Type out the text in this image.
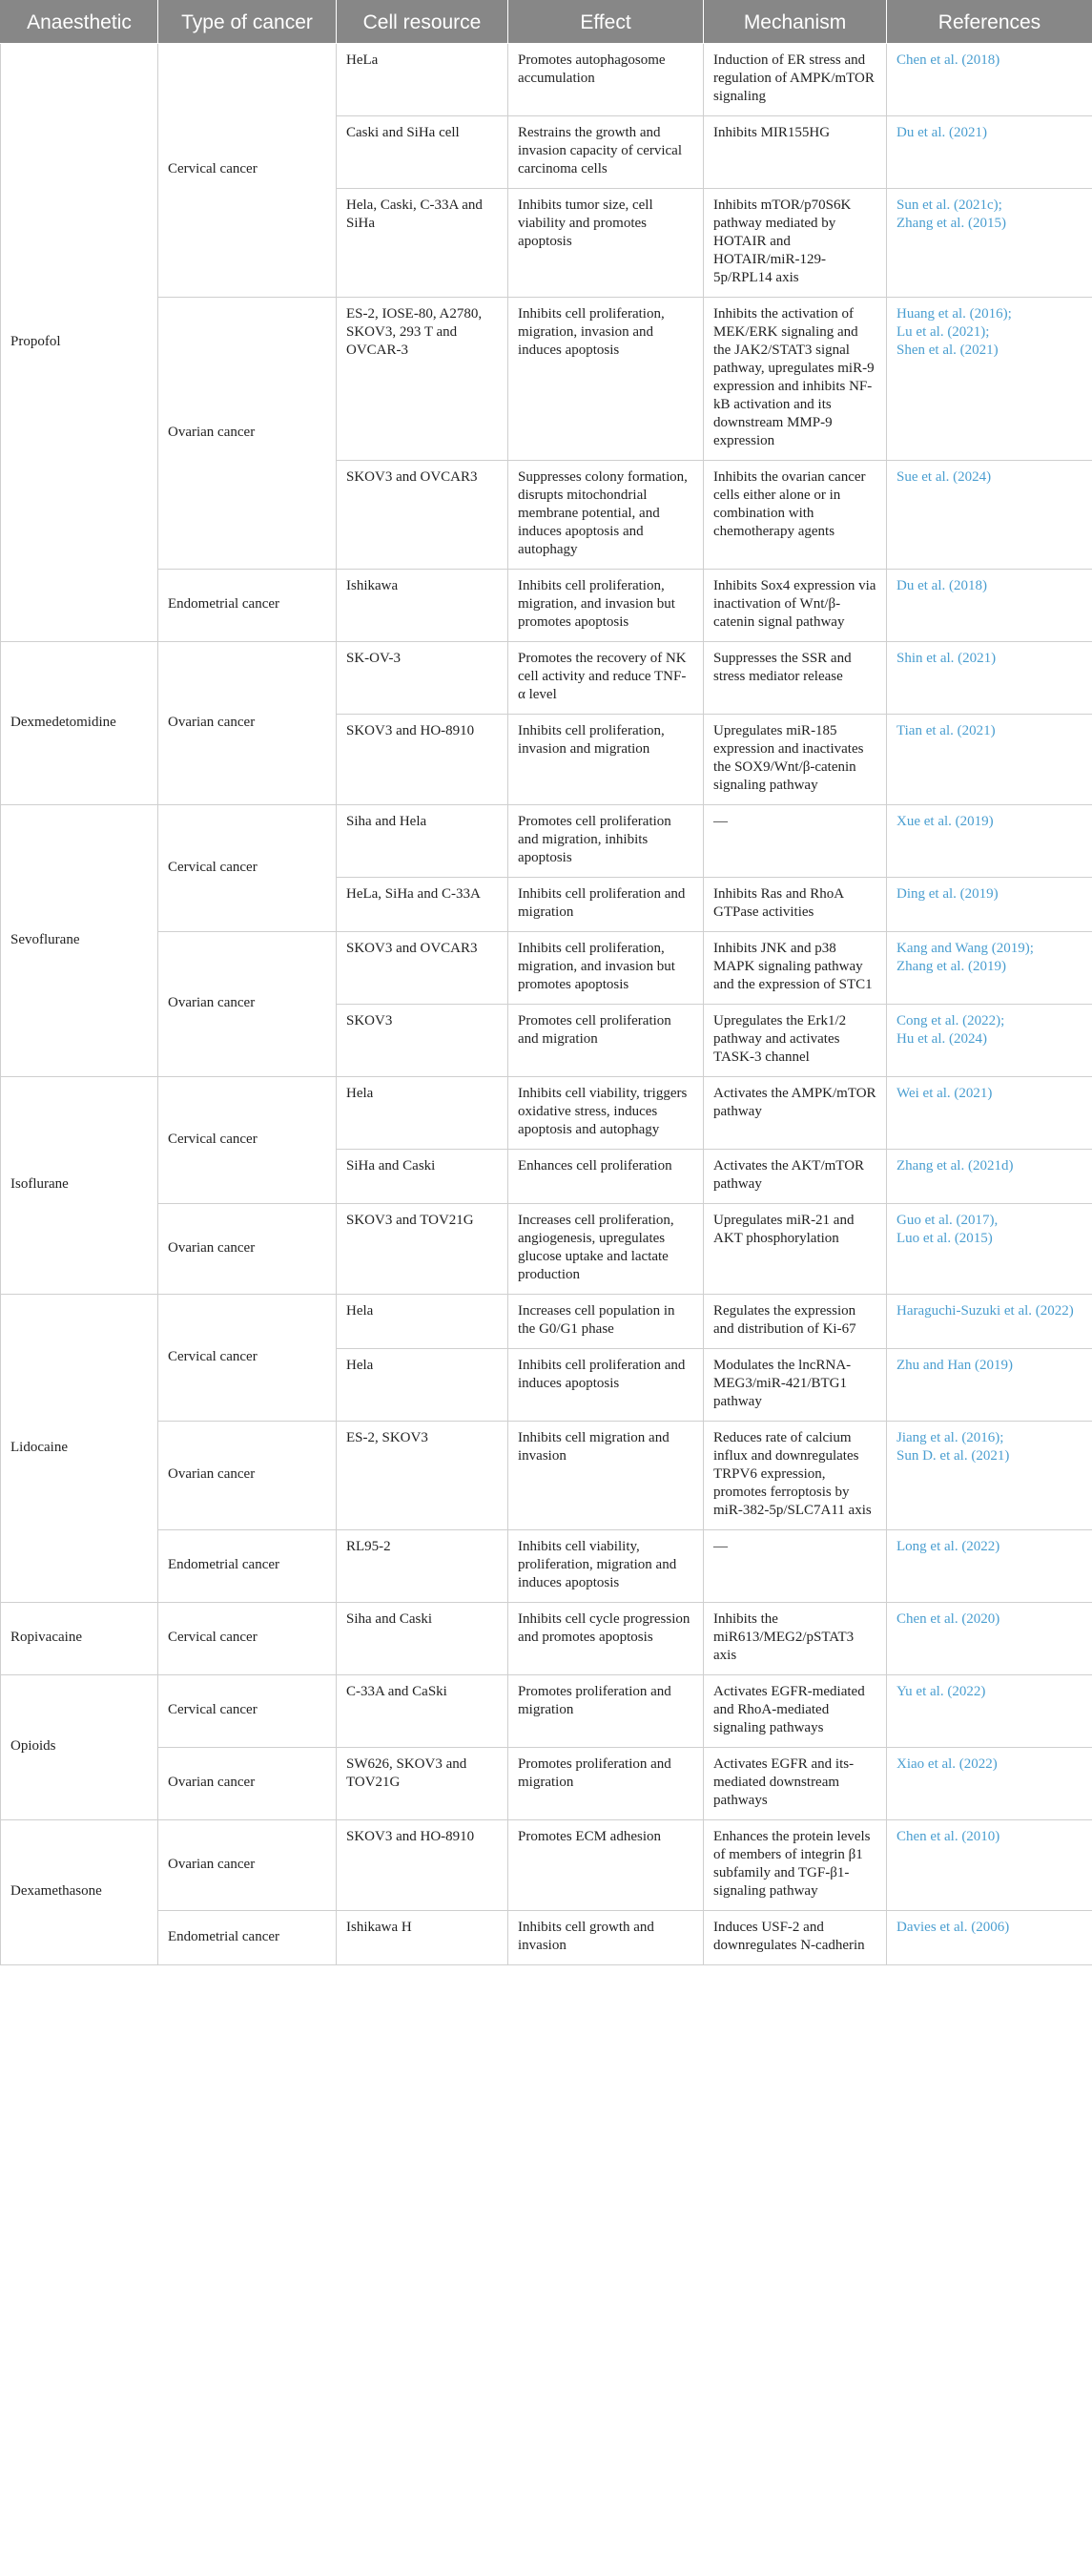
Anaesthetic	Type of cancer	Cell resource	Effect	Mechanism	References
Propofol	Cervical cancer	HeLa	Promotes autophagosome accumulation	Induction of ER stress and regulation of AMPK/mTOR signaling	Chen et al. (2018)

		Caski and SiHa cell	Restrains the growth and invasion capacity of cervical carcinoma cells	Inhibits MIR155HG	Du et al. (2021)

		Hela, Caski, C-33A and SiHa	Inhibits tumor size, cell viability and promotes apoptosis	Inhibits mTOR/p70S6K pathway mediated by HOTAIR and HOTAIR/miR-129-5p/RPL14 axis	Sun et al. (2021c);
Zhang et al. (2015)

	Ovarian cancer	ES-2, IOSE-80, A2780, SKOV3, 293 T and OVCAR-3	Inhibits cell proliferation, migration, invasion and induces apoptosis	Inhibits the activation of MEK/ERK signaling and the JAK2/STAT3 signal pathway, upregulates miR-9 expression and inhibits NF-kB activation and its downstream MMP-9 expression	Huang et al. (2016);
Lu et al. (2021);
Shen et al. (2021)

		SKOV3 and OVCAR3	Suppresses colony formation, disrupts mitochondrial membrane potential, and induces apoptosis and autophagy	Inhibits the ovarian cancer cells either alone or in combination with chemotherapy agents	Sue et al. (2024)

	Endometrial cancer	Ishikawa	Inhibits cell proliferation, migration, and invasion but promotes apoptosis	Inhibits Sox4 expression via inactivation of Wnt/β-catenin signal pathway	Du et al. (2018)

Dexmedetomidine	Ovarian cancer	SK-OV-3	Promotes the recovery of NK cell activity and reduce TNF-α level	Suppresses the SSR and stress mediator release	Shin et al. (2021)

		SKOV3 and HO-8910	Inhibits cell proliferation, invasion and migration	Upregulates miR-185 expression and inactivates the SOX9/Wnt/β-catenin signaling pathway	Tian et al. (2021)

Sevoflurane	Cervical cancer	Siha and Hela	Promotes cell proliferation and migration, inhibits apoptosis	—	Xue et al. (2019)

		HeLa, SiHa and C-33A	Inhibits cell proliferation and migration	Inhibits Ras and RhoA GTPase activities	Ding et al. (2019)

	Ovarian cancer	SKOV3 and OVCAR3	Inhibits cell proliferation, migration, and invasion but promotes apoptosis	Inhibits JNK and p38 MAPK signaling pathway and the expression of STC1	Kang and Wang (2019);
Zhang et al. (2019)

		SKOV3	Promotes cell proliferation and migration	Upregulates the Erk1/2 pathway and activates TASK-3 channel	Cong et al. (2022);
Hu et al. (2024)

Isoflurane	Cervical cancer	Hela	Inhibits cell viability, triggers oxidative stress, induces apoptosis and autophagy	Activates the AMPK/mTOR pathway	Wei et al. (2021)

		SiHa and Caski	Enhances cell proliferation	Activates the AKT/mTOR pathway	Zhang et al. (2021d)

	Ovarian cancer	SKOV3 and TOV21G	Increases cell proliferation, angiogenesis, upregulates glucose uptake and lactate production	Upregulates miR-21 and AKT phosphorylation	Guo et al. (2017),
Luo et al. (2015)

Lidocaine	Cervical cancer	Hela	Increases cell population in the G0/G1 phase	Regulates the expression and distribution of Ki-67	Haraguchi-Suzuki et al. (2022)

		Hela	Inhibits cell proliferation and induces apoptosis	Modulates the lncRNA-MEG3/miR-421/BTG1 pathway	Zhu and Han (2019)

	Ovarian cancer	ES-2, SKOV3	Inhibits cell migration and invasion	Reduces rate of calcium influx and downregulates TRPV6 expression, promotes ferroptosis by miR-382-5p/SLC7A11 axis	Jiang et al. (2016);
Sun D. et al. (2021)

	Endometrial cancer	RL95-2	Inhibits cell viability, proliferation, migration and induces apoptosis	—	Long et al. (2022)

Ropivacaine	Cervical cancer	Siha and Caski	Inhibits cell cycle progression and promotes apoptosis	Inhibits the miR613/MEG2/pSTAT3 axis	Chen et al. (2020)

Opioids	Cervical cancer	C-33A and CaSki	Promotes proliferation and migration	Activates EGFR-mediated and RhoA-mediated signaling pathways	Yu et al. (2022)

	Ovarian cancer	SW626, SKOV3 and TOV21G	Promotes proliferation and migration	Activates EGFR and its-mediated downstream pathways	Xiao et al. (2022)

Dexamethasone	Ovarian cancer	SKOV3 and HO-8910	Promotes ECM adhesion	Enhances the protein levels of members of integrin β1 subfamily and TGF-β1-signaling pathway	Chen et al. (2010)

	Endometrial cancer	Ishikawa H	Inhibits cell growth and invasion	Induces USF-2 and downregulates N-cadherin	Davies et al. (2006)
